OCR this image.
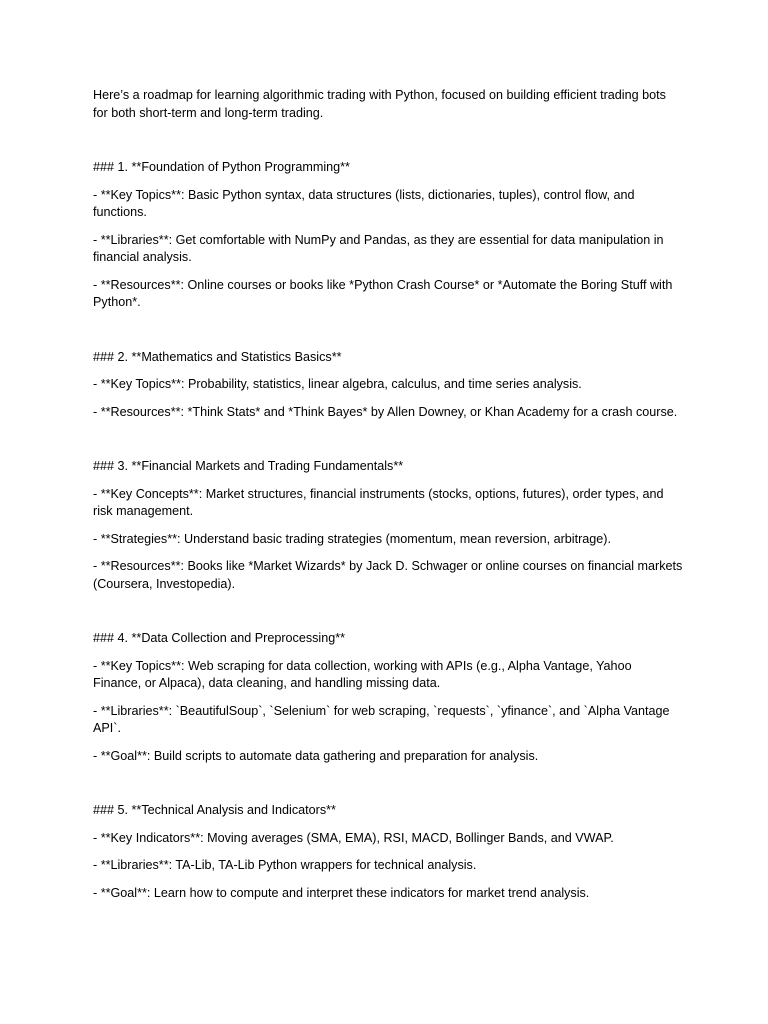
Here’s a roadmap for learning algorithmic trading with Python, focused on building efficient trading bots for both short-term and long-term trading.

### 1. **Foundation of Python Programming**

- **Key Topics**: Basic Python syntax, data structures (lists, dictionaries, tuples), control flow, and functions.

- **Libraries**: Get comfortable with NumPy and Pandas, as they are essential for data manipulation in financial analysis.

- **Resources**: Online courses or books like *Python Crash Course* or *Automate the Boring Stuff with Python*.

### 2. **Mathematics and Statistics Basics**

- **Key Topics**: Probability, statistics, linear algebra, calculus, and time series analysis.

- **Resources**: *Think Stats* and *Think Bayes* by Allen Downey, or Khan Academy for a crash course.

### 3. **Financial Markets and Trading Fundamentals**

- **Key Concepts**: Market structures, financial instruments (stocks, options, futures), order types, and risk management.

- **Strategies**: Understand basic trading strategies (momentum, mean reversion, arbitrage).

- **Resources**: Books like *Market Wizards* by Jack D. Schwager or online courses on financial markets (Coursera, Investopedia).

### 4. **Data Collection and Preprocessing**

- **Key Topics**: Web scraping for data collection, working with APIs (e.g., Alpha Vantage, Yahoo Finance, or Alpaca), data cleaning, and handling missing data.

- **Libraries**: `BeautifulSoup`, `Selenium` for web scraping, `requests`, `yfinance`, and `Alpha Vantage API`.

- **Goal**: Build scripts to automate data gathering and preparation for analysis.

### 5. **Technical Analysis and Indicators**

- **Key Indicators**: Moving averages (SMA, EMA), RSI, MACD, Bollinger Bands, and VWAP.

- **Libraries**: TA-Lib, TA-Lib Python wrappers for technical analysis.

- **Goal**: Learn how to compute and interpret these indicators for market trend analysis.
